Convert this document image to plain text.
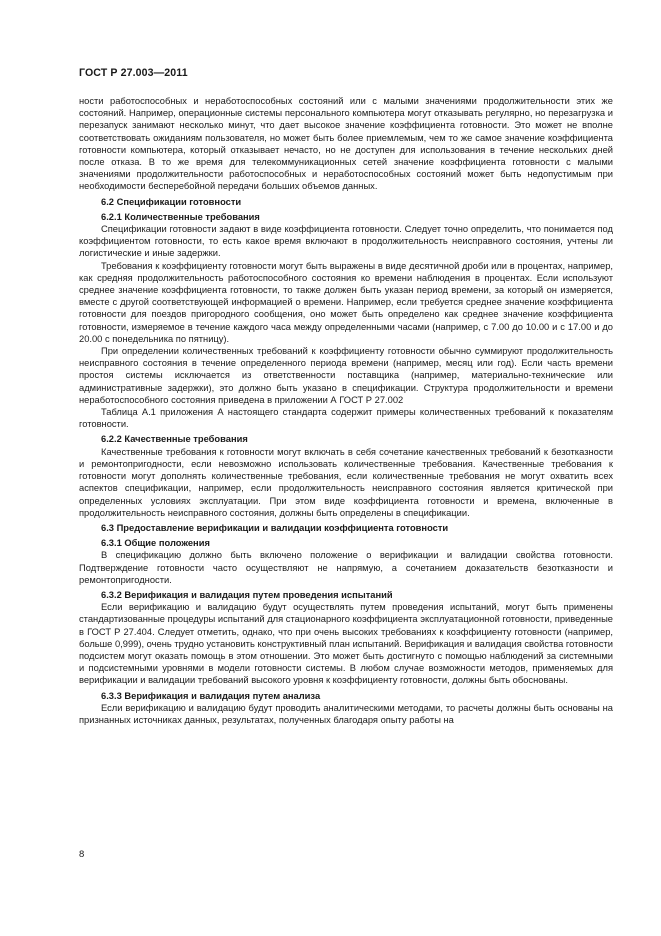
ГОСТ Р 27.003—2011

ности работоспособных и неработоспособных состояний или с малыми значениями продолжительности этих же состояний. Например, операционные системы персонального компьютера могут отказывать регулярно, но перезагрузка и перезапуск занимают несколько минут, что дает высокое значение коэффициента готовности. Это может не вполне соответствовать ожиданиям пользователя, но может быть более приемлемым, чем то же самое значение коэффициента готовности компьютера, который отказывает нечасто, но не доступен для использования в течение нескольких дней после отказа. В то же время для телекоммуникационных сетей значение коэффициента готовности с малыми значениями продолжительности работоспособных и неработоспособных состояний может быть недопустимым при необходимости бесперебойной передачи больших объемов данных.

6.2 Спецификации готовности
6.2.1 Количественные требования

Спецификации готовности задают в виде коэффициента готовности. Следует точно определить, что понимается под коэффициентом готовности, то есть какое время включают в продолжительность неисправного состояния, учтены ли логистические и иные задержки.

Требования к коэффициенту готовности могут быть выражены в виде десятичной дроби или в процентах, например, как средняя продолжительность работоспособного состояния ко времени наблюдения в процентах. Если используют среднее значение коэффициента готовности, то также должен быть указан период времени, за который он измеряется, вместе с другой соответствующей информацией о времени. Например, если требуется среднее значение коэффициента готовности для поездов пригородного сообщения, оно может быть определено как среднее значение коэффициента готовности, измеряемое в течение каждого часа между определенными часами (например, с 7.00 до 10.00 и с 17.00 и до 20.00 с понедельника по пятницу).

При определении количественных требований к коэффициенту готовности обычно суммируют продолжительность неисправного состояния в течение определенного периода времени (например, месяц или год). Если часть времени простоя системы исключается из ответственности поставщика (например, материально-технические или административные задержки), это должно быть указано в спецификации. Структура продолжительности и времени неработоспособного состояния приведена в приложении А ГОСТ Р 27.002

Таблица А.1 приложения А настоящего стандарта содержит примеры количественных требований к показателям готовности.

6.2.2 Качественные требования

Качественные требования к готовности могут включать в себя сочетание качественных требований к безотказности и ремонтопригодности, если невозможно использовать количественные требования. Качественные требования к готовности могут дополнять количественные требования, если количественные требования не могут охватить всех аспектов спецификации, например, если продолжительность неисправного состояния является критической при определенных условиях эксплуатации. При этом виде коэффициента готовности и времена, включенные в продолжительность неисправного состояния, должны быть определены в спецификации.

6.3 Предоставление верификации и валидации коэффициента готовности
6.3.1 Общие положения

В спецификацию должно быть включено положение о верификации и валидации свойства готовности. Подтверждение готовности часто осуществляют не напрямую, а сочетанием доказательств безотказности и ремонтопригодности.

6.3.2 Верификация и валидация путем проведения испытаний

Если верификацию и валидацию будут осуществлять путем проведения испытаний, могут быть применены стандартизованные процедуры испытаний для стационарного коэффициента эксплуатационной готовности, приведенные в ГОСТ Р 27.404. Следует отметить, однако, что при очень высоких требованиях к коэффициенту готовности (например, больше 0,999), очень трудно установить конструктивный план испытаний. Верификация и валидация свойства готовности подсистем могут оказать помощь в этом отношении. Это может быть достигнуто с помощью наблюдений за системными и подсистемными уровнями в модели готовности системы. В любом случае возможности методов, применяемых для верификации и валидации требований высокого уровня к коэффициенту готовности, должны быть обоснованы.

6.3.3 Верификация и валидация путем анализа

Если верификацию и валидацию будут проводить аналитическими методами, то расчеты должны быть основаны на признанных источниках данных, результатах, полученных благодаря опыту работы на

8
